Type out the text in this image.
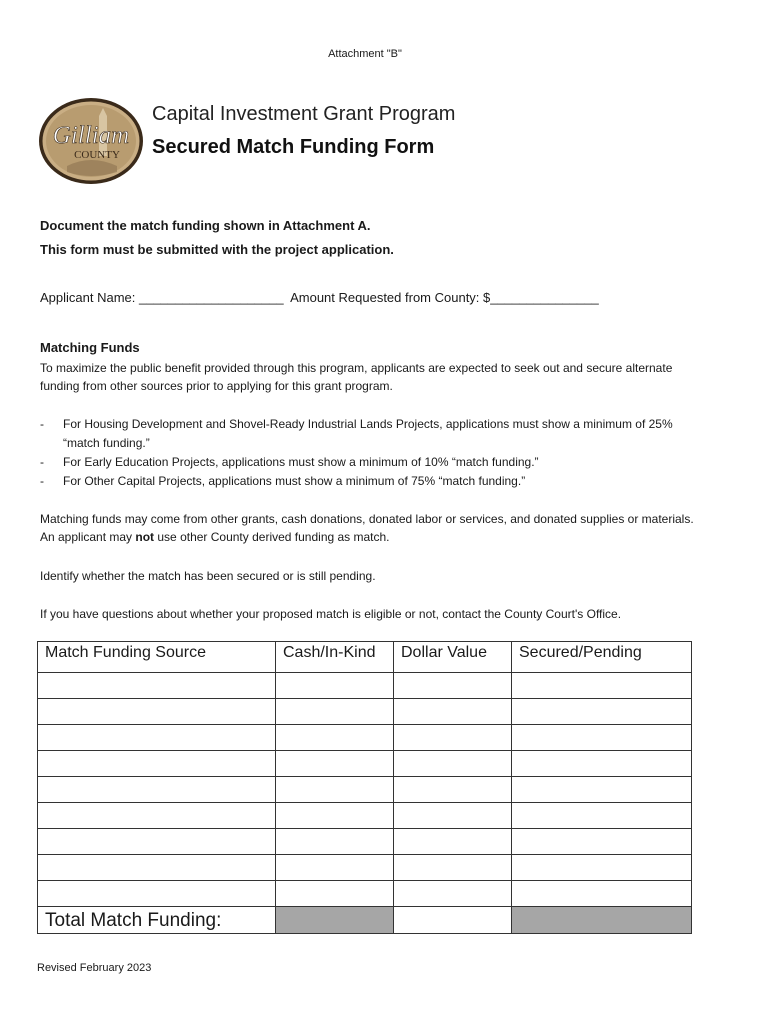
Attachment "B"
Gilliam
COUNTY
Capital Investment Grant Program
Secured Match Funding Form
Document the match funding shown in Attachment A.
This form must be submitted with the project application.
Applicant Name: ____________________  Amount Requested from County: $_______________
Matching Funds
To maximize the public benefit provided through this program, applicants are expected to seek out and secure alternate funding from other sources prior to applying for this grant program.
-	For Housing Development and Shovel-Ready Industrial Lands Projects, applications must show a minimum of 25% “match funding.”
-	For Early Education Projects, applications must show a minimum of 10% “match funding.”
-	For Other Capital Projects, applications must show a minimum of 75% “match funding.”
Matching funds may come from other grants, cash donations, donated labor or services, and donated supplies or materials. An applicant may not use other County derived funding as match.
Identify whether the match has been secured or is still pending.
If you have questions about whether your proposed match is eligible or not, contact the County Court's Office.
Match Funding Source	Cash/In-Kind	Dollar Value	Secured/Pending

Total Match Funding:			
Revised February 2023
